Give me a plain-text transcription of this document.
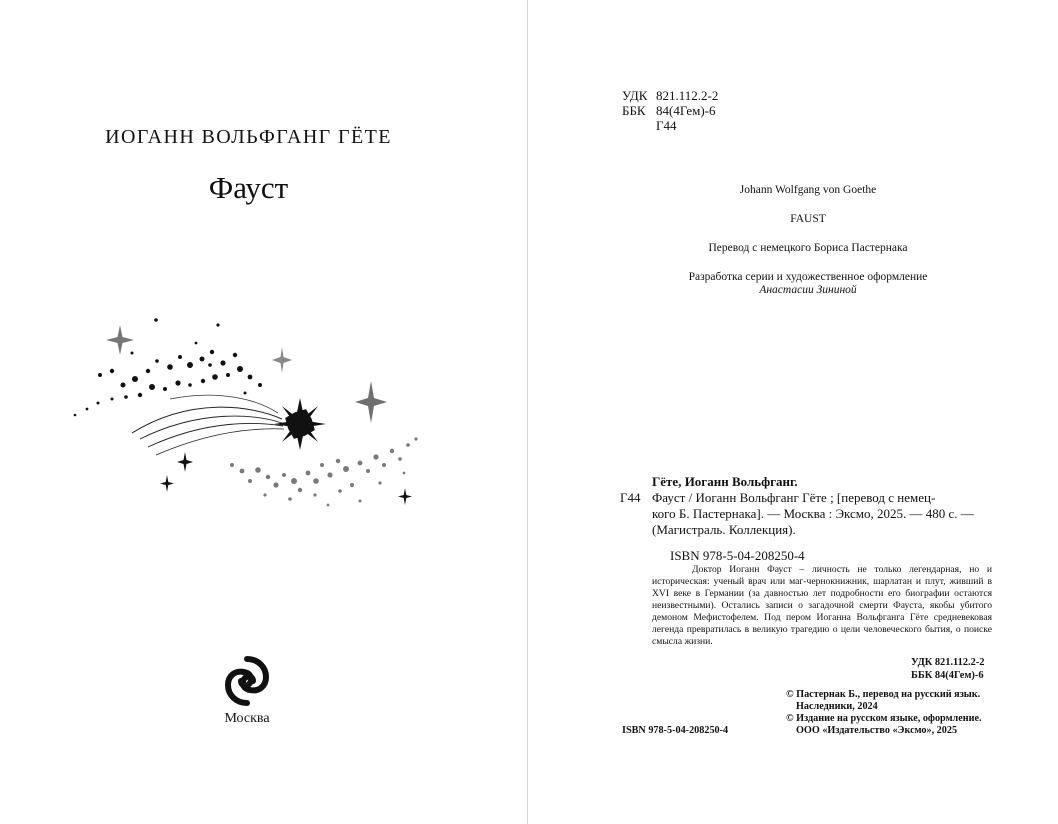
ИОГАНН ВОЛЬФГАНГ ГЁТЕ
Фауст
Москва
УДК 821.112.2-2
ББК 84(4Гем)-6
Г44
Johann Wolfgang von Goethe
FAUST
Перевод с немецкого Бориса Пастернака
Разработка серии и художественное оформление
Анастасии Зининой
Гёте, Иоганн Вольфганг.
Г44 Фауст / Иоганн Вольфганг Гёте ; [перевод с немец-
кого Б. Пастернака]. — Москва : Эксмо, 2025. — 480 с. —
(Магистраль. Коллекция).
ISBN 978-5-04-208250-4
Доктор Иоганн Фауст – личность не только легендарная, но и историческая: ученый врач или маг-чернокнижник, шарлатан и плут, живший в XVI веке в Германии (за давностью лет подробности его биографии остаются неизвестными). Остались записи о загадочной смерти Фауста, якобы убитого демоном Мефистофелем. Под пером Иоганна Вольфганга Гёте средневековая легенда превратилась в великую трагедию о цели человеческого бытия, о поиске смысла жизни.
УДК 821.112.2-2
ББК 84(4Гем)-6
© Пастернак Б., перевод на русский язык. Наследники, 2024
© Издание на русском языке, оформление. ООО «Издательство «Эксмо», 2025
ISBN 978-5-04-208250-4
